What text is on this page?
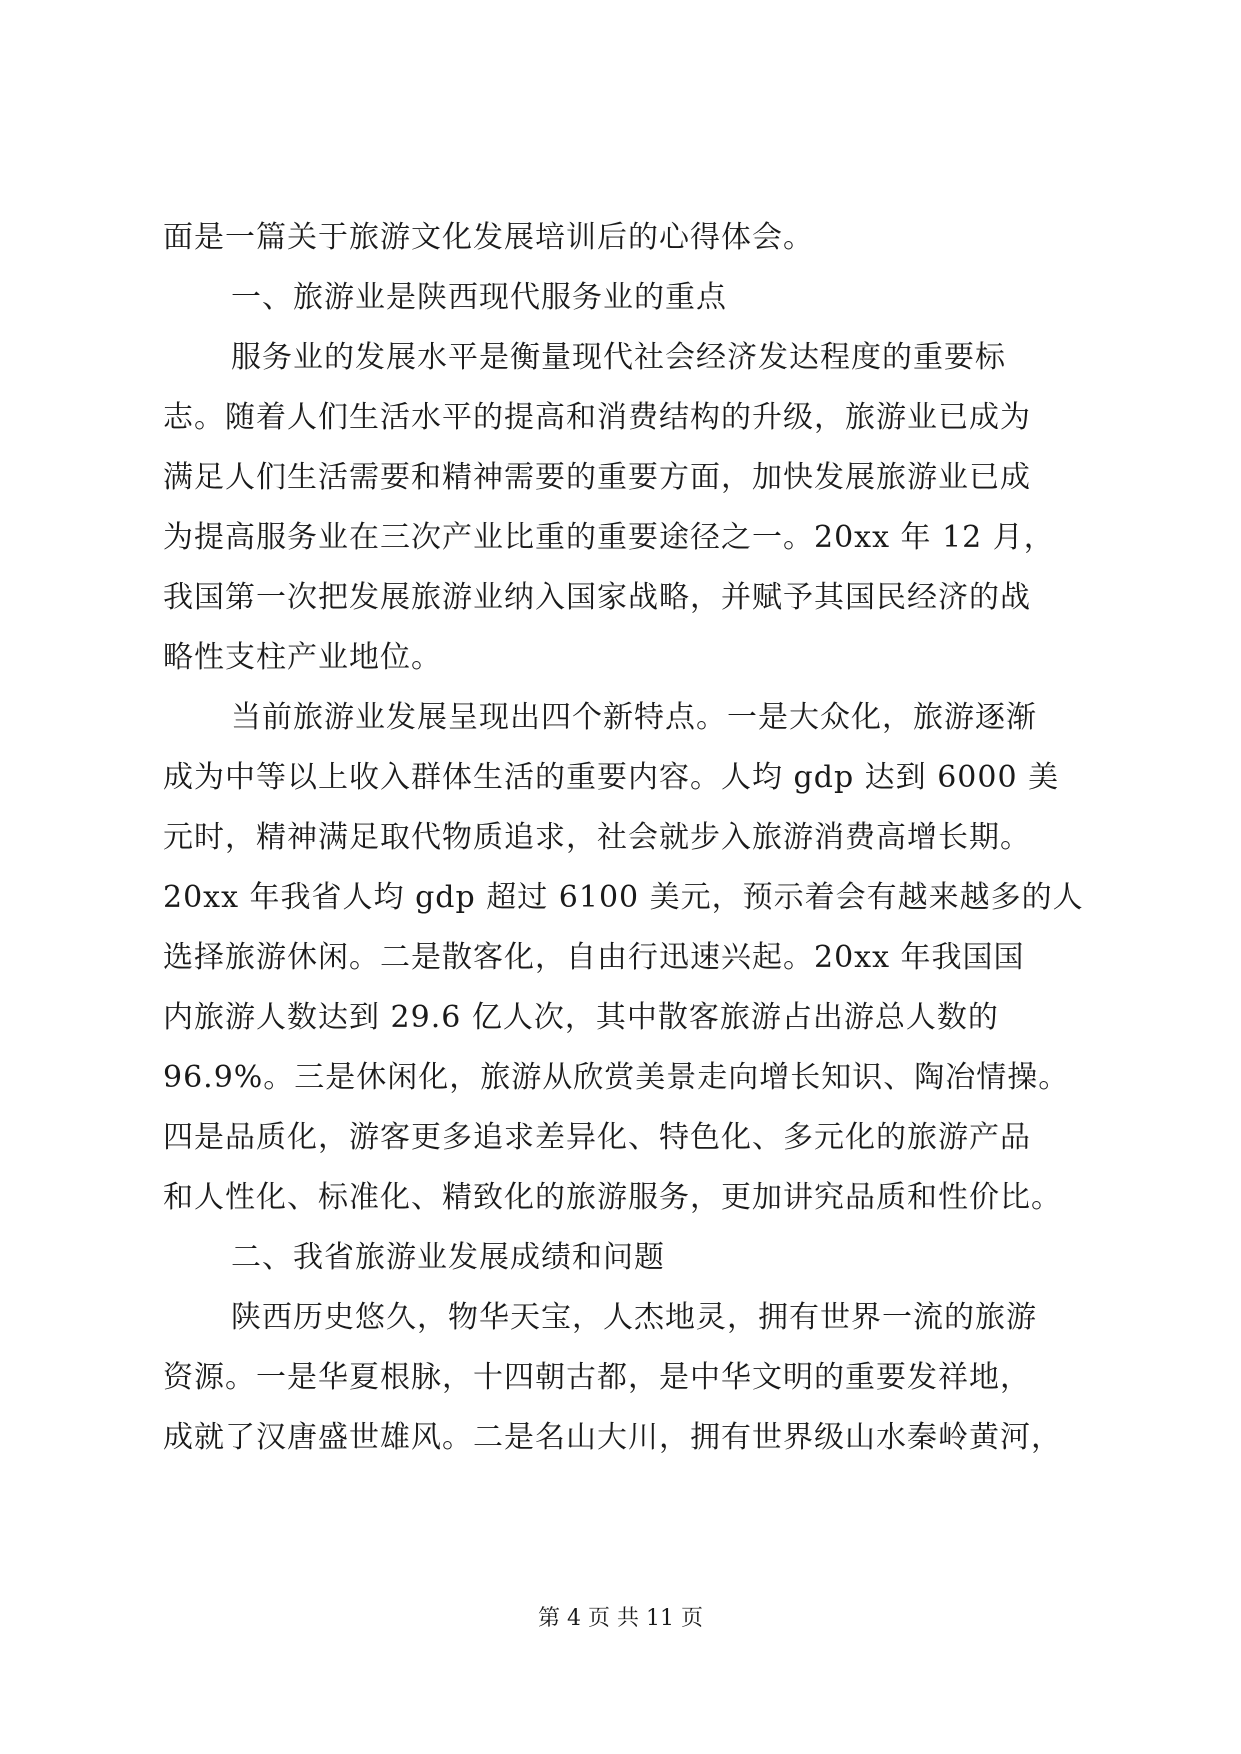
面是一篇关于旅游文化发展培训后的心得体会。
一、旅游业是陕西现代服务业的重点
服务业的发展水平是衡量现代社会经济发达程度的重要标
志。随着人们生活水平的提高和消费结构的升级，旅游业已成为
满足人们生活需要和精神需要的重要方面，加快发展旅游业已成
为提高服务业在三次产业比重的重要途径之一。20xx 年 12 月，
我国第一次把发展旅游业纳入国家战略，并赋予其国民经济的战
略性支柱产业地位。
当前旅游业发展呈现出四个新特点。一是大众化，旅游逐渐
成为中等以上收入群体生活的重要内容。人均 gdp 达到 6000 美
元时，精神满足取代物质追求，社会就步入旅游消费高增长期。
20xx 年我省人均 gdp 超过 6100 美元，预示着会有越来越多的人
选择旅游休闲。二是散客化，自由行迅速兴起。20xx 年我国国
内旅游人数达到 29.6 亿人次，其中散客旅游占出游总人数的
96.9%。三是休闲化，旅游从欣赏美景走向增长知识、陶冶情操。
四是品质化，游客更多追求差异化、特色化、多元化的旅游产品
和人性化、标准化、精致化的旅游服务，更加讲究品质和性价比。
二、我省旅游业发展成绩和问题
陕西历史悠久，物华天宝，人杰地灵，拥有世界一流的旅游
资源。一是华夏根脉，十四朝古都，是中华文明的重要发祥地，
成就了汉唐盛世雄风。二是名山大川，拥有世界级山水秦岭黄河，
第 4 页 共 11 页
